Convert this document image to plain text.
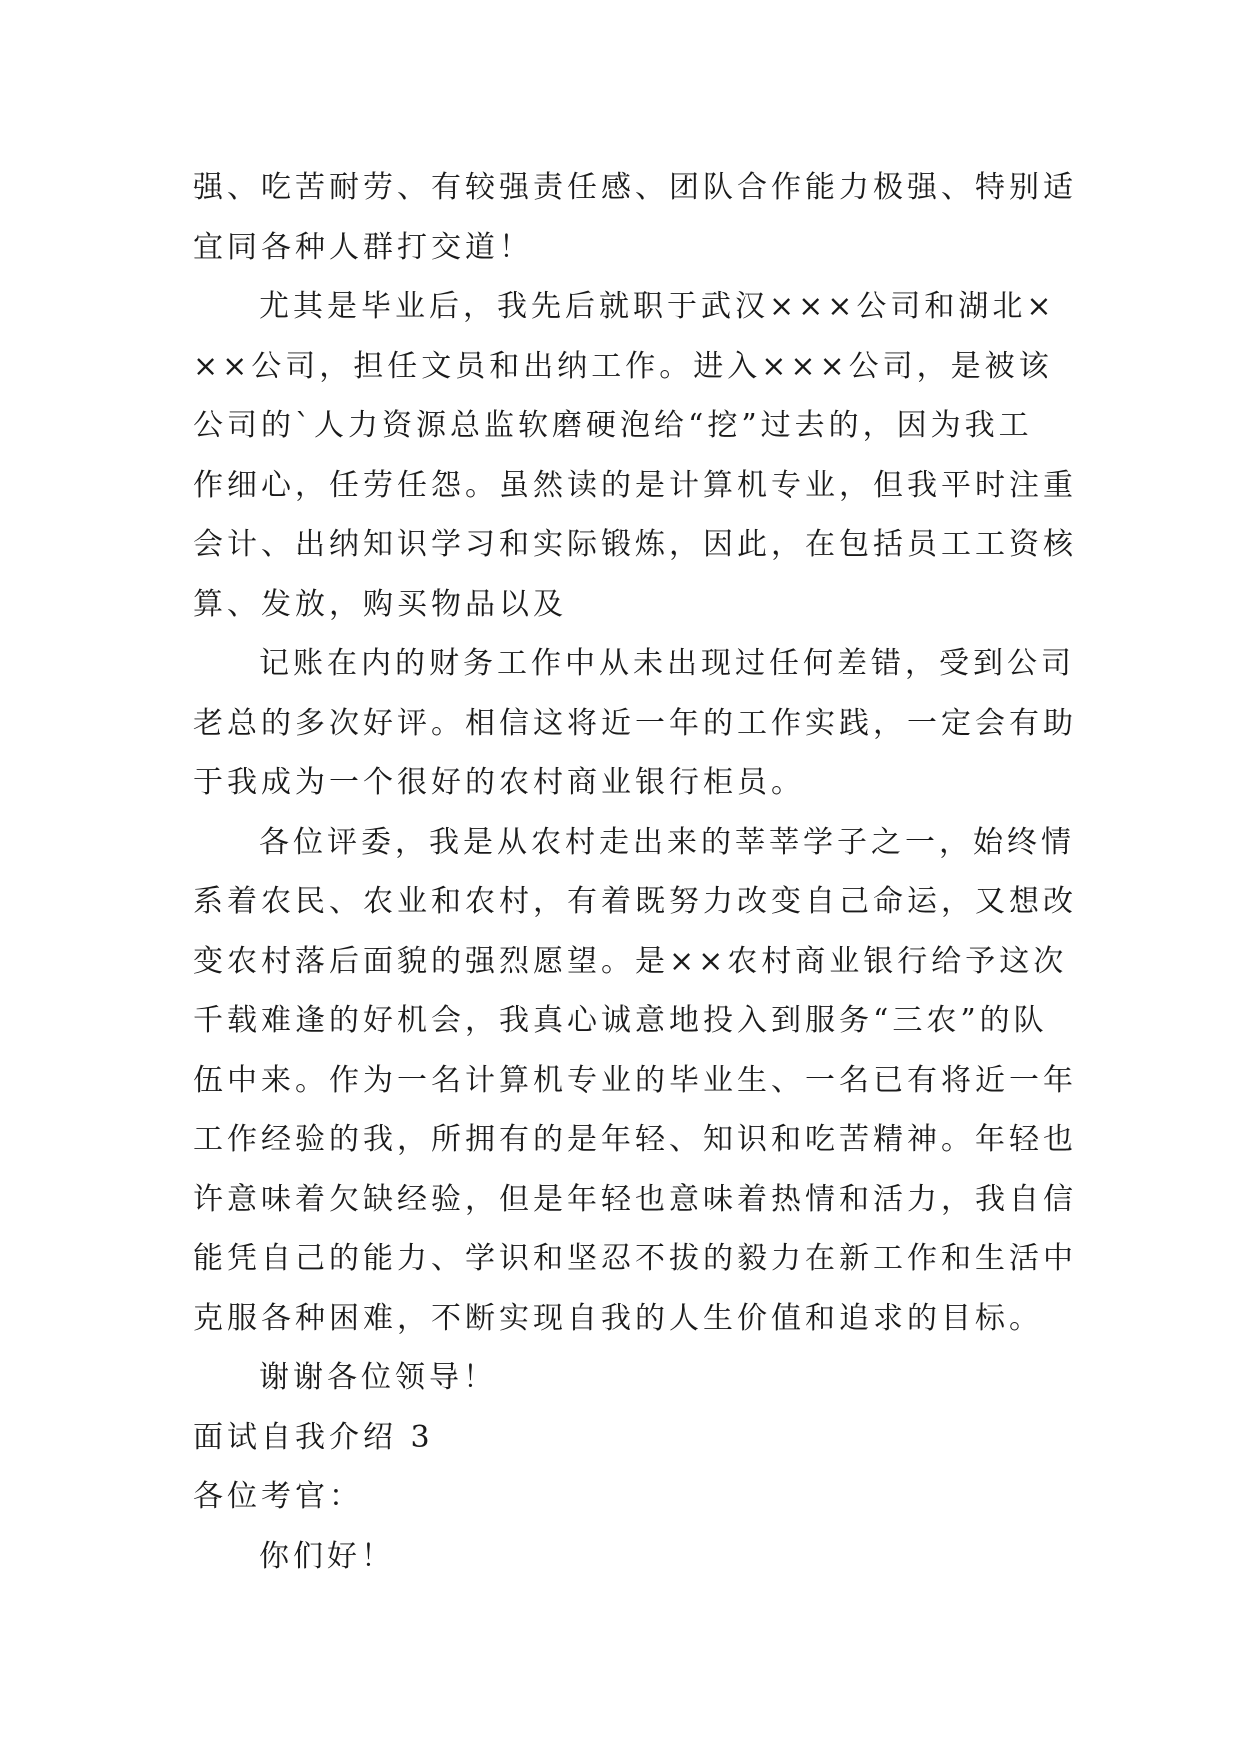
强、吃苦耐劳、有较强责任感、团队合作能力极强、特别适
宜同各种人群打交道！
尤其是毕业后，我先后就职于武汉×××公司和湖北×
××公司，担任文员和出纳工作。进入×××公司，是被该
公司的`人力资源总监软磨硬泡给“挖”过去的，因为我工
作细心，任劳任怨。虽然读的是计算机专业，但我平时注重
会计、出纳知识学习和实际锻炼，因此，在包括员工工资核
算、发放，购买物品以及
记账在内的财务工作中从未出现过任何差错，受到公司
老总的多次好评。相信这将近一年的工作实践，一定会有助
于我成为一个很好的农村商业银行柜员。
各位评委，我是从农村走出来的莘莘学子之一，始终情
系着农民、农业和农村，有着既努力改变自己命运，又想改
变农村落后面貌的强烈愿望。是××农村商业银行给予这次
千载难逢的好机会，我真心诚意地投入到服务“三农”的队
伍中来。作为一名计算机专业的毕业生、一名已有将近一年
工作经验的我，所拥有的是年轻、知识和吃苦精神。年轻也
许意味着欠缺经验，但是年轻也意味着热情和活力，我自信
能凭自己的能力、学识和坚忍不拔的毅力在新工作和生活中
克服各种困难，不断实现自我的人生价值和追求的目标。
谢谢各位领导！
面试自我介绍 3
各位考官：
你们好！
